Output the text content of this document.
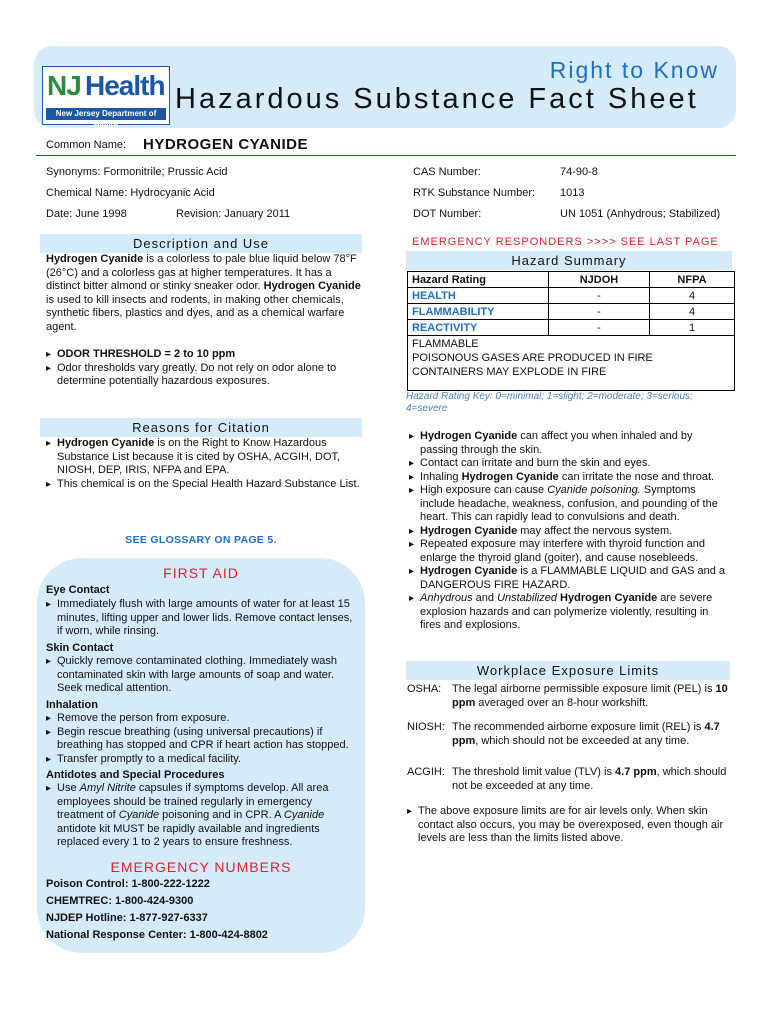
NJ Health
New Jersey Department of Health
Right to Know
Hazardous Substance Fact Sheet
Common Name: HYDROGEN CYANIDE
Synonyms: Formonitrile; Prussic Acid
Chemical Name: Hydrocyanic Acid
Date: June 1998	Revision: January 2011
CAS Number:	74-90-8
RTK Substance Number: 1013
DOT Number:	UN 1051 (Anhydrous; Stabilized)
Description and Use

Hydrogen Cyanide is a colorless to pale blue liquid below 78°F (26°C) and a colorless gas at higher temperatures. It has a distinct bitter almond or stinky sneaker odor. Hydrogen Cyanide is used to kill insects and rodents, in making other chemicals, synthetic fibers, plastics and dyes, and as a chemical warfare agent.

▸ ODOR THRESHOLD = 2 to 10 ppm
▸ Odor thresholds vary greatly. Do not rely on odor alone to determine potentially hazardous exposures.
Reasons for Citation
▸ Hydrogen Cyanide is on the Right to Know Hazardous Substance List because it is cited by OSHA, ACGIH, DOT, NIOSH, DEP, IRIS, NFPA and EPA.
▸ This chemical is on the Special Health Hazard Substance List.
SEE GLOSSARY ON PAGE 5.
FIRST AID
Eye Contact
▸ Immediately flush with large amounts of water for at least 15 minutes, lifting upper and lower lids. Remove contact lenses, if worn, while rinsing.
Skin Contact
▸ Quickly remove contaminated clothing. Immediately wash contaminated skin with large amounts of soap and water. Seek medical attention.
Inhalation
▸ Remove the person from exposure.
▸ Begin rescue breathing (using universal precautions) if breathing has stopped and CPR if heart action has stopped.
▸ Transfer promptly to a medical facility.
Antidotes and Special Procedures
▸ Use Amyl Nitrite capsules if symptoms develop. All area employees should be trained regularly in emergency treatment of Cyanide poisoning and in CPR. A Cyanide antidote kit MUST be rapidly available and ingredients replaced every 1 to 2 years to ensure freshness.
EMERGENCY NUMBERS
Poison Control: 1-800-222-1222
CHEMTREC: 1-800-424-9300
NJDEP Hotline: 1-877-927-6337
National Response Center: 1-800-424-8802
EMERGENCY RESPONDERS >>>> SEE LAST PAGE
Hazard Summary
Hazard Rating	NJDOH	NFPA
HEALTH	-	4
FLAMMABILITY	-	4
REACTIVITY	-	1

FLAMMABLE
POISONOUS GASES ARE PRODUCED IN FIRE
CONTAINERS MAY EXPLODE IN FIRE		
Hazard Rating Key: 0=minimal; 1=slight; 2=moderate; 3=serious; 4=severe
▸ Hydrogen Cyanide can affect you when inhaled and by passing through the skin.
▸ Contact can irritate and burn the skin and eyes.
▸ Inhaling Hydrogen Cyanide can irritate the nose and throat.
▸ High exposure can cause Cyanide poisoning. Symptoms include headache, weakness, confusion, and pounding of the heart. This can rapidly lead to convulsions and death.
▸ Hydrogen Cyanide may affect the nervous system.
▸ Repeated exposure may interfere with thyroid function and enlarge the thyroid gland (goiter), and cause nosebleeds.
▸ Hydrogen Cyanide is a FLAMMABLE LIQUID and GAS and a DANGEROUS FIRE HAZARD.
▸ Anhydrous and Unstabilized Hydrogen Cyanide are severe explosion hazards and can polymerize violently, resulting in fires and explosions.
Workplace Exposure Limits
OSHA: The legal airborne permissible exposure limit (PEL) is 10 ppm averaged over an 8-hour workshift.
NIOSH: The recommended airborne exposure limit (REL) is 4.7 ppm, which should not be exceeded at any time.
ACGIH: The threshold limit value (TLV) is 4.7 ppm, which should not be exceeded at any time.
▸ The above exposure limits are for air levels only. When skin contact also occurs, you may be overexposed, even though air levels are less than the limits listed above.
